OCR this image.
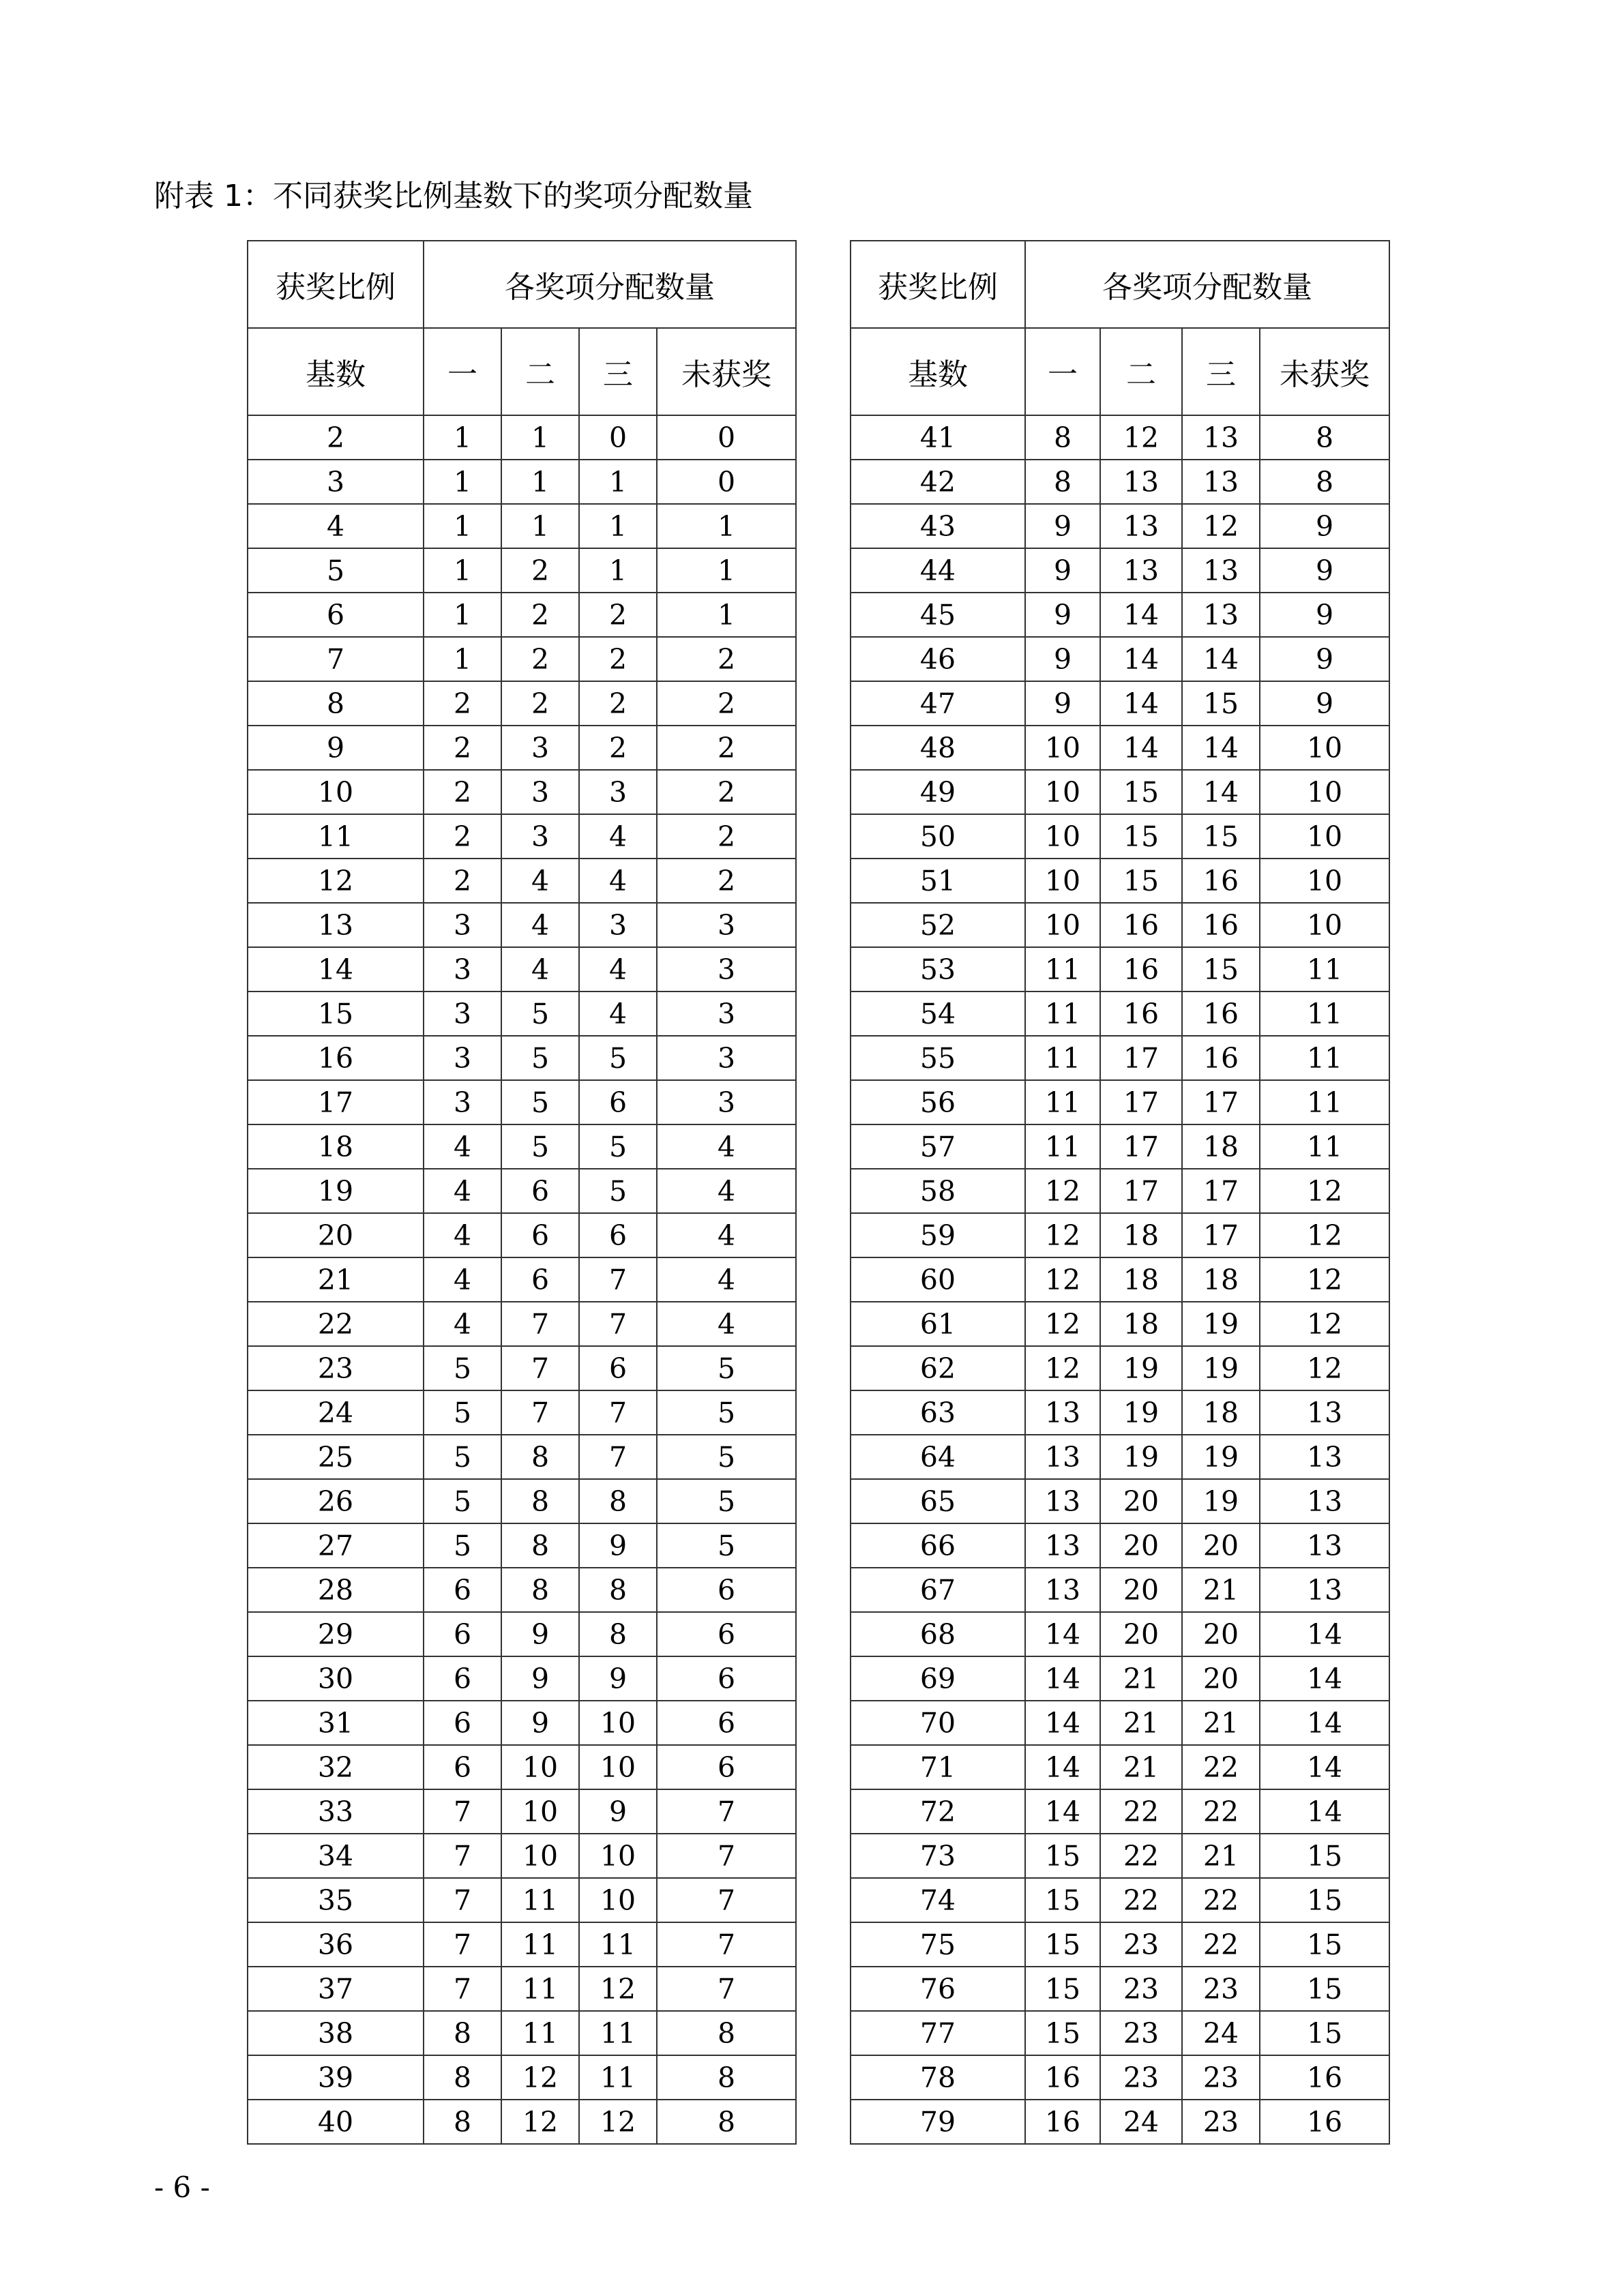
附表 1：不同获奖比例基数下的奖项分配数量
获奖比例	各奖项分配数量			
基数	一	二	三	未获奖
2	1	1	0	0
3	1	1	1	0
4	1	1	1	1
5	1	2	1	1
6	1	2	2	1
7	1	2	2	2
8	2	2	2	2
9	2	3	2	2
10	2	3	3	2
11	2	3	4	2
12	2	4	4	2
13	3	4	3	3
14	3	4	4	3
15	3	5	4	3
16	3	5	5	3
17	3	5	6	3
18	4	5	5	4
19	4	6	5	4
20	4	6	6	4
21	4	6	7	4
22	4	7	7	4
23	5	7	6	5
24	5	7	7	5
25	5	8	7	5
26	5	8	8	5
27	5	8	9	5
28	6	8	8	6
29	6	9	8	6
30	6	9	9	6
31	6	9	10	6
32	6	10	10	6
33	7	10	9	7
34	7	10	10	7
35	7	11	10	7
36	7	11	11	7
37	7	11	12	7
38	8	11	11	8
39	8	12	11	8
40	8	12	12	8
获奖比例	各奖项分配数量			
基数	一	二	三	未获奖
41	8	12	13	8
42	8	13	13	8
43	9	13	12	9
44	9	13	13	9
45	9	14	13	9
46	9	14	14	9
47	9	14	15	9
48	10	14	14	10
49	10	15	14	10
50	10	15	15	10
51	10	15	16	10
52	10	16	16	10
53	11	16	15	11
54	11	16	16	11
55	11	17	16	11
56	11	17	17	11
57	11	17	18	11
58	12	17	17	12
59	12	18	17	12
60	12	18	18	12
61	12	18	19	12
62	12	19	19	12
63	13	19	18	13
64	13	19	19	13
65	13	20	19	13
66	13	20	20	13
67	13	20	21	13
68	14	20	20	14
69	14	21	20	14
70	14	21	21	14
71	14	21	22	14
72	14	22	22	14
73	15	22	21	15
74	15	22	22	15
75	15	23	22	15
76	15	23	23	15
77	15	23	24	15
78	16	23	23	16
79	16	24	23	16
- 6 -
